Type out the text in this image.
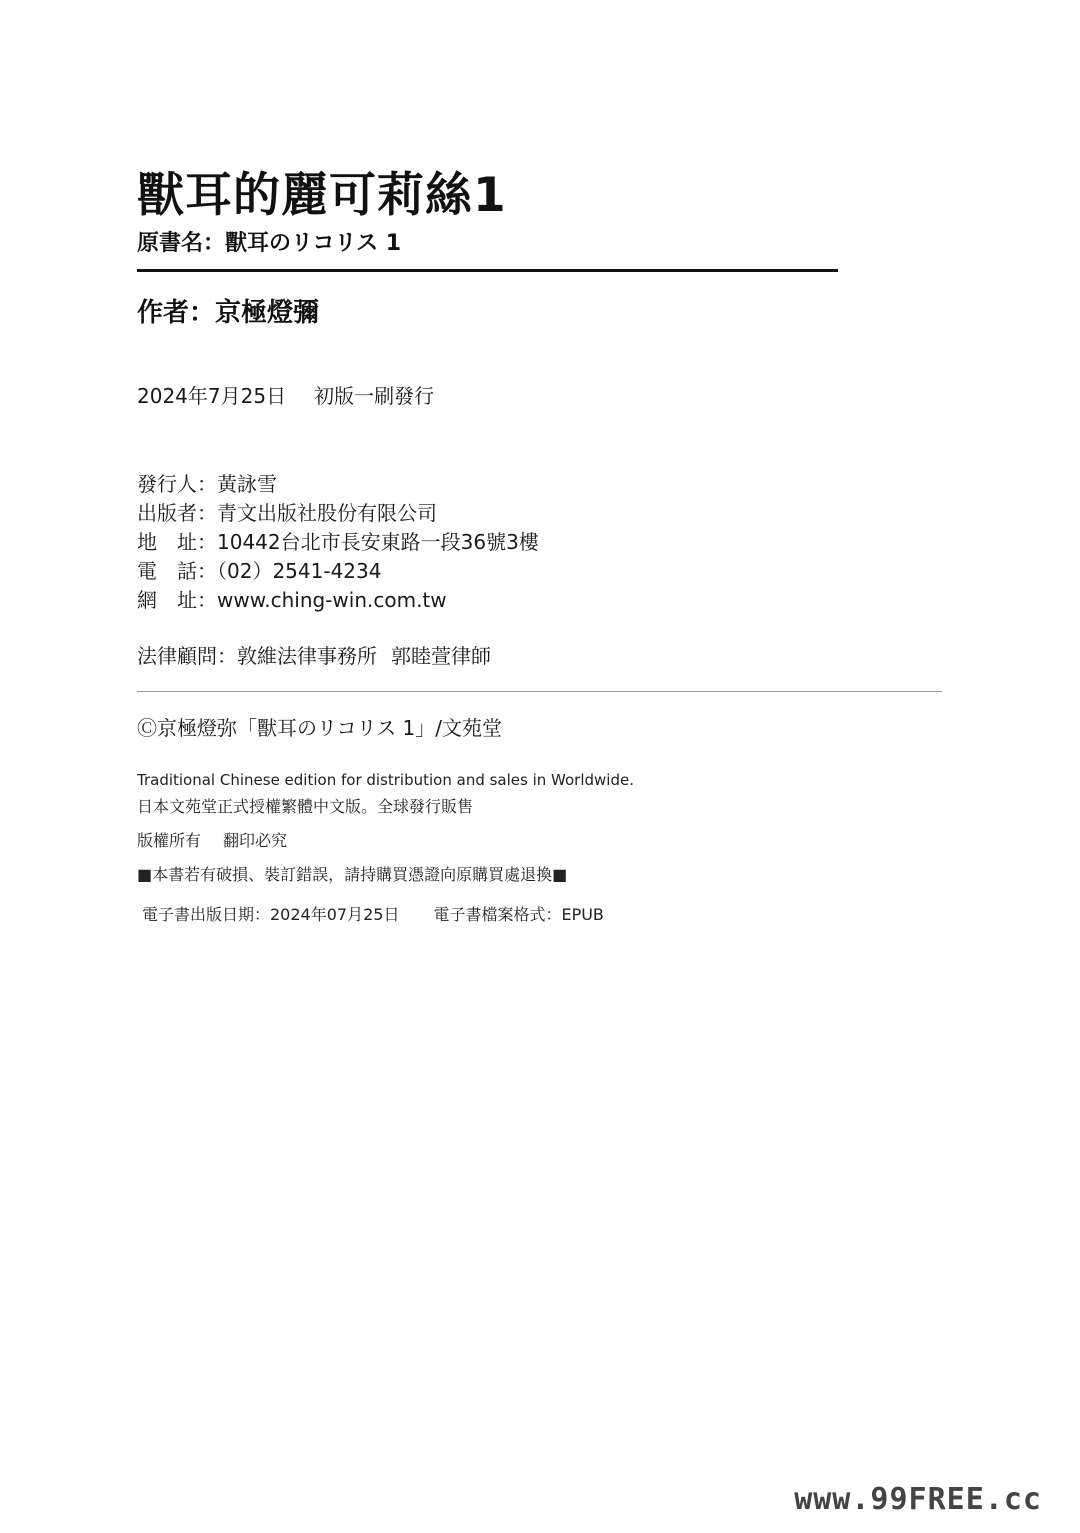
獸耳的麗可莉絲1
原書名：獸耳のリコリス 1
作者：京極燈彌
2024年7月25日 初版一刷發行
發行人：黃詠雪
出版者：青文出版社股份有限公司
地　址：10442台北市長安東路一段36號3樓
電　話：（02）2541-4234
網　址：www.ching-win.com.tw
法律顧問：敦維法律事務所 郭睦萱律師
Ⓒ京極燈弥「獸耳のリコリス 1」/文苑堂
Traditional Chinese edition for distribution and sales in Worldwide.
日本文苑堂正式授權繁體中文版。全球發行販售
版權所有 翻印必究
■本書若有破損、裝訂錯誤，請持購買憑證向原購買處退換■
電子書出版日期：2024年07月25日 電子書檔案格式：EPUB
www.99FREE.cc
